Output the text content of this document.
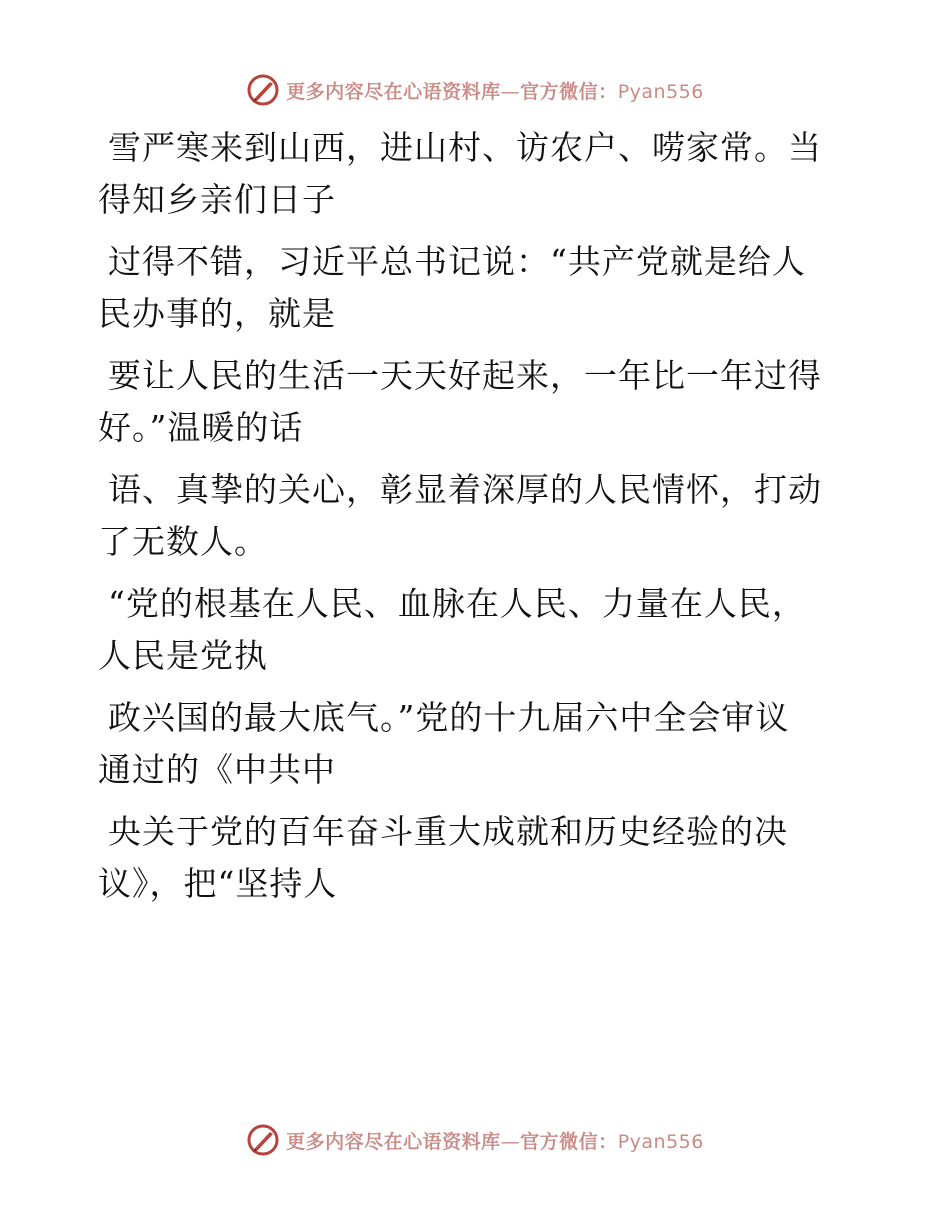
更多内容尽在心语资料库—官方微信：Pyan556

雪严寒来到山西，进山村、访农户、唠家常。当
得知乡亲们日子

过得不错，习近平总书记说：“共产党就是给人
民办事的，就是

要让人民的生活一天天好起来，一年比一年过得
好。”温暖的话

语、真挚的关心，彰显着深厚的人民情怀，打动
了无数人。

“党的根基在人民、血脉在人民、力量在人民，
人民是党执

政兴国的最大底气。”党的十九届六中全会审议
通过的《中共中

央关于党的百年奋斗重大成就和历史经验的决
议》，把“坚持人

更多内容尽在心语资料库—官方微信：Pyan556
